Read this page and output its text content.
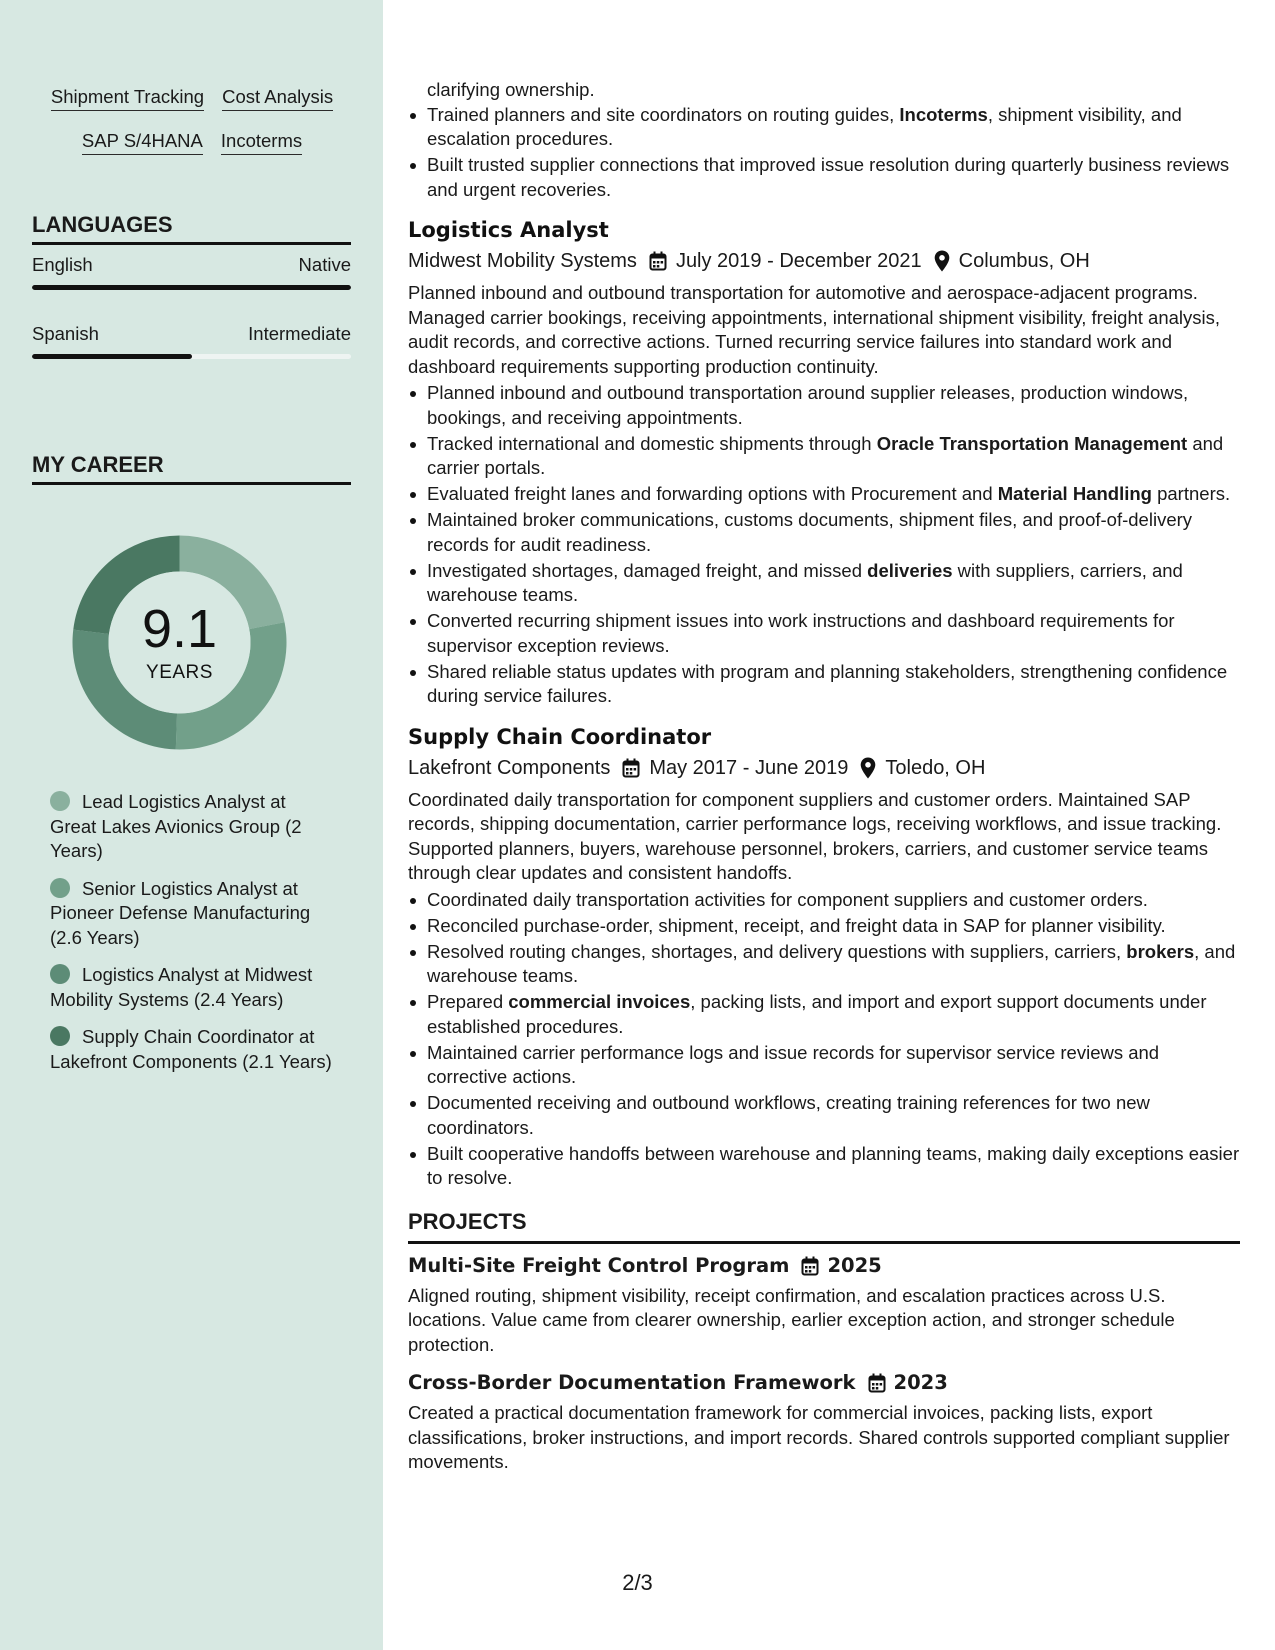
Shipment Tracking Cost Analysis
SAP S/4HANA Incoterms
LANGUAGES
English	Native
Spanish	Intermediate
MY CAREER
9.1
YEARS
Lead Logistics Analyst at Great Lakes Avionics Group (2 Years)
Senior Logistics Analyst at Pioneer Defense Manufacturing (2.6 Years)
Logistics Analyst at Midwest Mobility Systems (2.4 Years)
Supply Chain Coordinator at Lakefront Components (2.1 Years)

clarifying ownership.

Trained planners and site coordinators on routing guides, Incoterms, shipment visibility, and escalation procedures.
Built trusted supplier connections that improved issue resolution during quarterly business reviews and urgent recoveries.
Logistics Analyst
Midwest Mobility Systems July 2019 - December 2021 Columbus, OH

Planned inbound and outbound transportation for automotive and aerospace-adjacent programs. Managed carrier bookings, receiving appointments, international shipment visibility, freight analysis, audit records, and corrective actions. Turned recurring service failures into standard work and dashboard requirements supporting production continuity.

Planned inbound and outbound transportation around supplier releases, production windows, bookings, and receiving appointments.
Tracked international and domestic shipments through Oracle Transportation Management and carrier portals.
Evaluated freight lanes and forwarding options with Procurement and Material Handling partners.
Maintained broker communications, customs documents, shipment files, and proof-of-delivery records for audit readiness.
Investigated shortages, damaged freight, and missed deliveries with suppliers, carriers, and warehouse teams.
Converted recurring shipment issues into work instructions and dashboard requirements for supervisor exception reviews.
Shared reliable status updates with program and planning stakeholders, strengthening confidence during service failures.
Supply Chain Coordinator
Lakefront Components May 2017 - June 2019 Toledo, OH

Coordinated daily transportation for component suppliers and customer orders. Maintained SAP records, shipping documentation, carrier performance logs, receiving workflows, and issue tracking. Supported planners, buyers, warehouse personnel, brokers, carriers, and customer service teams through clear updates and consistent handoffs.

Coordinated daily transportation activities for component suppliers and customer orders.
Reconciled purchase-order, shipment, receipt, and freight data in SAP for planner visibility.
Resolved routing changes, shortages, and delivery questions with suppliers, carriers, brokers, and warehouse teams.
Prepared commercial invoices, packing lists, and import and export support documents under established procedures.
Maintained carrier performance logs and issue records for supervisor service reviews and corrective actions.
Documented receiving and outbound workflows, creating training references for two new coordinators.
Built cooperative handoffs between warehouse and planning teams, making daily exceptions easier to resolve.
PROJECTS
Multi-Site Freight Control Program 2025

Aligned routing, shipment visibility, receipt confirmation, and escalation practices across U.S. locations. Value came from clearer ownership, earlier exception action, and stronger schedule protection.

Cross-Border Documentation Framework 2023

Created a practical documentation framework for commercial invoices, packing lists, export classifications, broker instructions, and import records. Shared controls supported compliant supplier movements.

2/3
